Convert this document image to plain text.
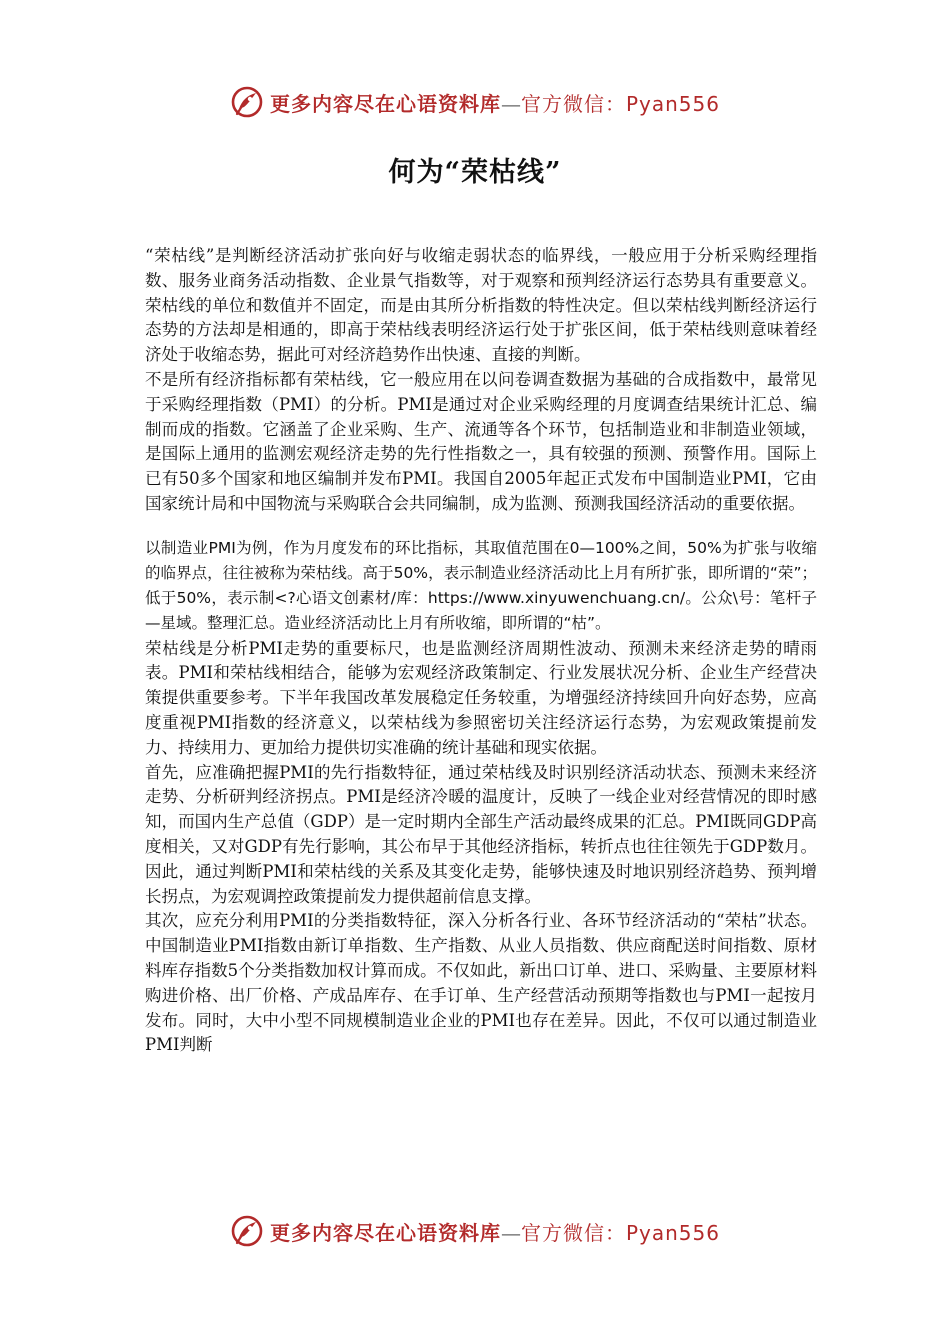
更多内容尽在心语资料库—官方微信：Pyan556
何为“荣枯线”

“荣枯线”是判断经济活动扩张向好与收缩走弱状态的临界线，一般应用于分析采购经理指数、服务业商务活动指数、企业景气指数等，对于观察和预判经济运行态势具有重要意义。荣枯线的单位和数值并不固定，而是由其所分析指数的特性决定。但以荣枯线判断经济运行态势的方法却是相通的，即高于荣枯线表明经济运行处于扩张区间，低于荣枯线则意味着经济处于收缩态势，据此可对经济趋势作出快速、直接的判断。

不是所有经济指标都有荣枯线，它一般应用在以问卷调查数据为基础的合成指数中，最常见于采购经理指数（PMI）的分析。PMI是通过对企业采购经理的月度调查结果统计汇总、编制而成的指数。它涵盖了企业采购、生产、流通等各个环节，包括制造业和非制造业领域，是国际上通用的监测宏观经济走势的先行性指数之一，具有较强的预测、预警作用。国际上已有50多个国家和地区编制并发布PMI。我国自2005年起正式发布中国制造业PMI，它由国家统计局和中国物流与采购联合会共同编制，成为监测、预测我国经济活动的重要依据。

以制造业PMI为例，作为月度发布的环比指标，其取值范围在0—100%之间，50%为扩张与收缩的临界点，往往被称为荣枯线。高于50%，表示制造业经济活动比上月有所扩张，即所谓的“荣”；低于50%，表示制<?心语文创素材/库：https://www.xinyuwenchuang.cn/。公众\号：笔杆子—星域。整理汇总。造业经济活动比上月有所收缩，即所谓的“枯”。

荣枯线是分析PMI走势的重要标尺，也是监测经济周期性波动、预测未来经济走势的晴雨表。PMI和荣枯线相结合，能够为宏观经济政策制定、行业发展状况分析、企业生产经营决策提供重要参考。下半年我国改革发展稳定任务较重，为增强经济持续回升向好态势，应高度重视PMI指数的经济意义，以荣枯线为参照密切关注经济运行态势，为宏观政策提前发力、持续用力、更加给力提供切实准确的统计基础和现实依据。

首先，应准确把握PMI的先行指数特征，通过荣枯线及时识别经济活动状态、预测未来经济走势、分析研判经济拐点。PMI是经济冷暖的温度计，反映了一线企业对经营情况的即时感知，而国内生产总值（GDP）是一定时期内全部生产活动最终成果的汇总。PMI既同GDP高度相关，又对GDP有先行影响，其公布早于其他经济指标，转折点也往往领先于GDP数月。因此，通过判断PMI和荣枯线的关系及其变化走势，能够快速及时地识别经济趋势、预判增长拐点，为宏观调控政策提前发力提供超前信息支撑。

其次，应充分利用PMI的分类指数特征，深入分析各行业、各环节经济活动的“荣枯”状态。中国制造业PMI指数由新订单指数、生产指数、从业人员指数、供应商配送时间指数、原材料库存指数5个分类指数加权计算而成。不仅如此，新出口订单、进口、采购量、主要原材料购进价格、出厂价格、产成品库存、在手订单、生产经营活动预期等指数也与PMI一起按月发布。同时，大中小型不同规模制造业企业的PMI也存在差异。因此，不仅可以通过制造业PMI判断

更多内容尽在心语资料库—官方微信：Pyan556
